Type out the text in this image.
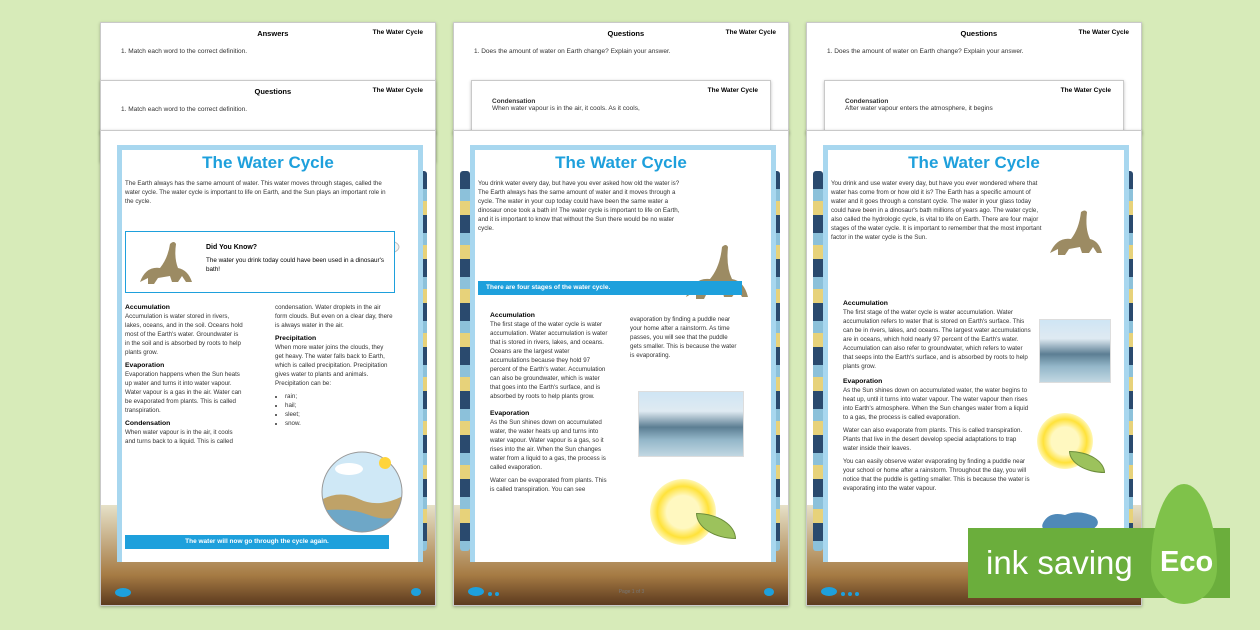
Answers	The Water Cycle
1. Match each word to the correct definition.
Questions	The Water Cycle
1. Match each word to the correct definition.
The Water Cycle
The Earth always has the same amount of water. This water moves through stages, called the water cycle. The water cycle is important to life on Earth, and the Sun plays an important role in the cycle.
Did You Know?

The water you drink today could have been used in a dinosaur's bath!

Accumulation

Accumulation is water stored in rivers, lakes, oceans, and in the soil. Oceans hold most of the Earth's water. Groundwater is in the soil and is absorbed by roots to help plants grow.

Evaporation

Evaporation happens when the Sun heats up water and turns it into water vapour. Water vapour is a gas in the air. Water can be evaporated from plants. This is called transpiration.

Condensation

When water vapour is in the air, it cools and turns back to a liquid. This is called

condensation. Water droplets in the air form clouds. But even on a clear day, there is always water in the air.

Precipitation

When more water joins the clouds, they get heavy. The water falls back to Earth, which is called precipitation. Precipitation gives water to plants and animals. Precipitation can be:

• rain;
• hail;
• sleet;
• snow.
The water will now go through the cycle again.
Questions	The Water Cycle
1. Does the amount of water on Earth change? Explain your answer.
The Water Cycle
Condensation
When water vapour is in the air, it cools. As it cools,
The Water Cycle
You drink water every day, but have you ever asked how old the water is? The Earth always has the same amount of water and it moves through a cycle. The water in your cup today could have been the same water a dinosaur once took a bath in! The water cycle is important to life on Earth, and it is important to know that without the Sun there would be no water cycle.
There are four stages of the water cycle.
Accumulation

The first stage of the water cycle is water accumulation. Water accumulation is water that is stored in rivers, lakes, and oceans. Oceans are the largest water accumulations because they hold 97 percent of the Earth's water. Accumulation can also be groundwater, which is water that goes into the Earth's surface, and is absorbed by roots to help plants grow.

Evaporation

As the Sun shines down on accumulated water, the water heats up and turns into water vapour. Water vapour is a gas, so it rises into the air. When the Sun changes water from a liquid to a gas, the process is called evaporation.

Water can be evaporated from plants. This is called transpiration. You can see

evaporation by finding a puddle near your home after a rainstorm. As time passes, you will see that the puddle gets smaller. This is because the water is evaporating.

Page 1 of 3
Questions	The Water Cycle
1. Does the amount of water on Earth change? Explain your answer.
The Water Cycle
Condensation
After water vapour enters the atmosphere, it begins
The Water Cycle
You drink and use water every day, but have you ever wondered where that water has come from or how old it is? The Earth has a specific amount of water and it goes through a constant cycle. The water in your glass today could have been in a dinosaur's bath millions of years ago. The water cycle, also called the hydrologic cycle, is vital to life on Earth. There are four major stages of the water cycle. It is important to remember that the most important factor in the water cycle is the Sun.
Accumulation

The first stage of the water cycle is water accumulation. Water accumulation refers to water that is stored on Earth's surface. This can be in rivers, lakes, and oceans. The largest water accumulations are in oceans, which hold nearly 97 percent of the Earth's water. Accumulation can also refer to groundwater, which refers to water that seeps into the Earth's surface, and is absorbed by roots to help plants grow.

Evaporation

As the Sun shines down on accumulated water, the water begins to heat up, until it turns into water vapour. The water vapour then rises into Earth's atmosphere. When the Sun changes water from a liquid to a gas, the process is called evaporation.

Water can also evaporate from plants. This is called transpiration. Plants that live in the desert develop special adaptations to trap water inside their leaves.

You can easily observe water evaporating by finding a puddle near your school or home after a rainstorm. Throughout the day, you will notice that the puddle is getting smaller. This is because the water is evaporating into the water vapour.

ink saving Eco
